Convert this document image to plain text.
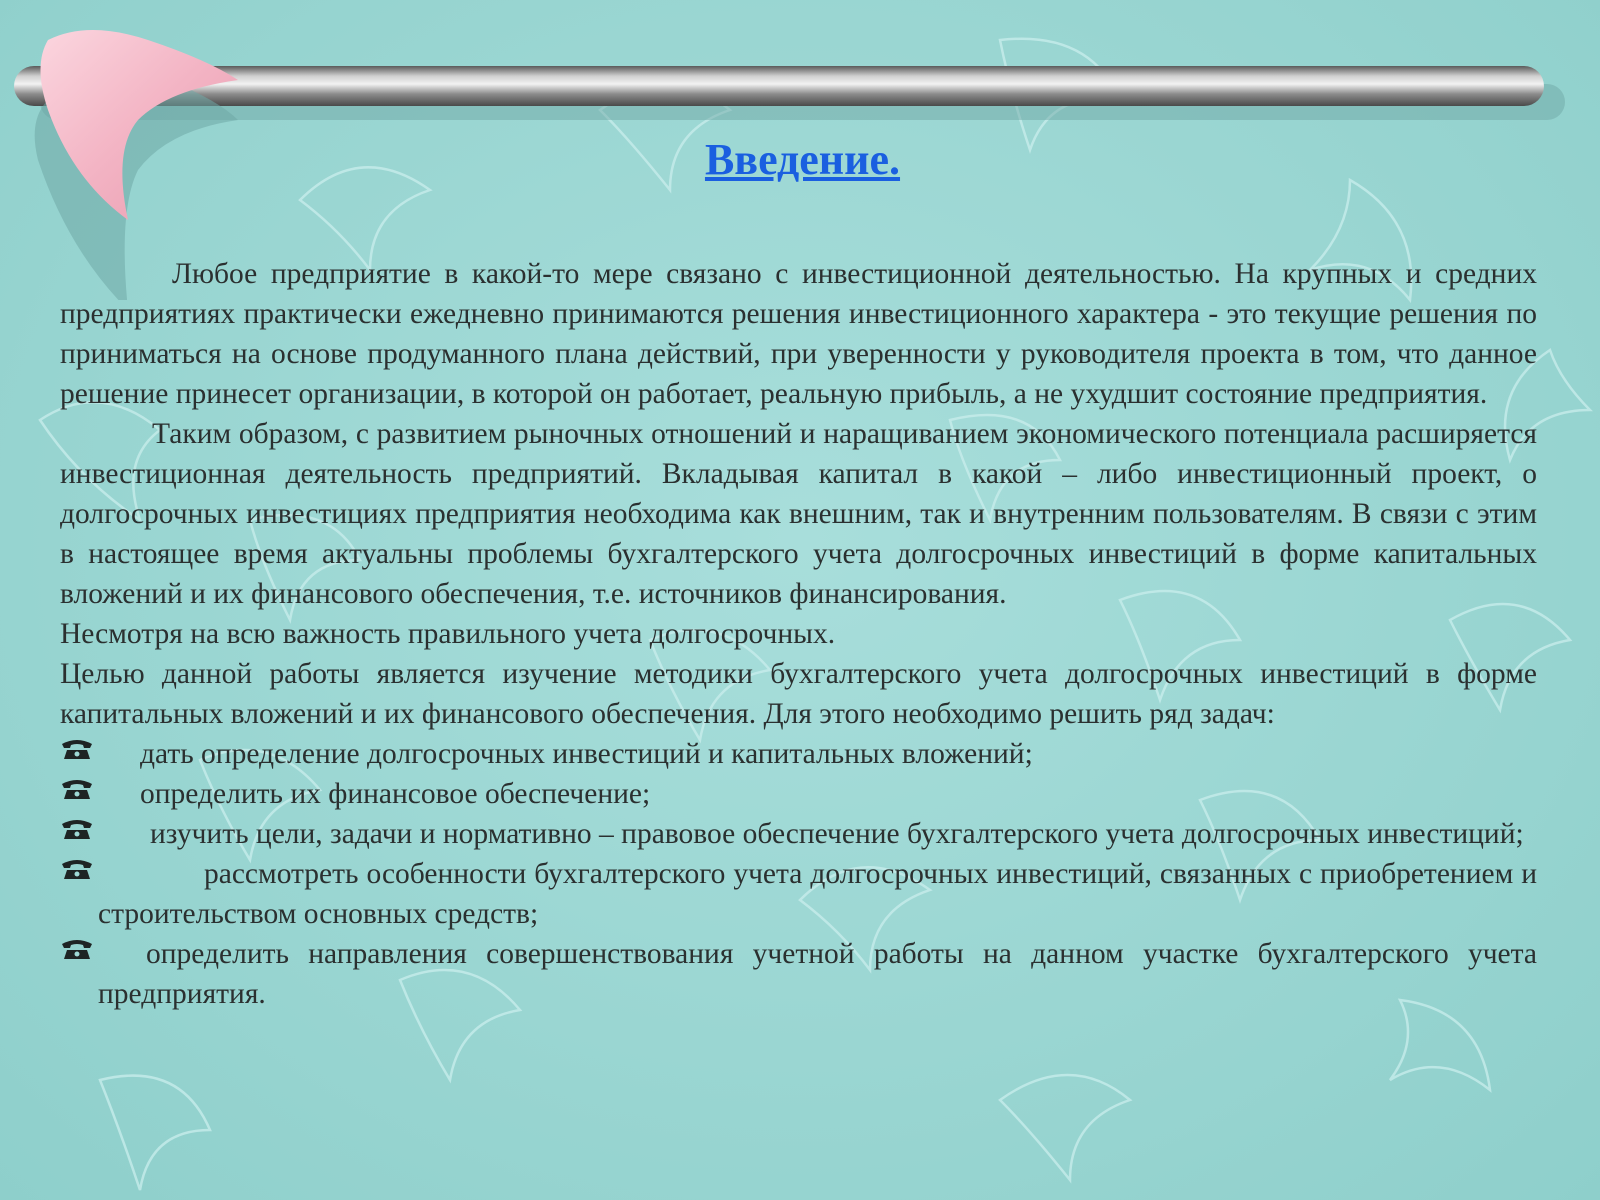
Введение.

Любое предприятие в какой-то мере связано с инвестиционной деятельностью. На крупных и средних предприятиях практически ежедневно принимаются решения инвестиционного характера - это текущие решения по приниматься на основе продуманного плана действий, при уверенности у руководителя проекта в том, что данное решение принесет организации, в которой он работает, реальную прибыль, а не ухудшит состояние предприятия.

Таким образом, с развитием рыночных отношений и наращиванием экономического потенциала расширяется инвестиционная деятельность предприятий. Вкладывая капитал в какой – либо инвестиционный проект, о долгосрочных инвестициях предприятия необходима как внешним, так и внутренним пользователям. В связи с этим в настоящее время актуальны проблемы бухгалтерского учета долгосрочных инвестиций в форме капитальных вложений и их финансового обеспечения, т.е. источников финансирования.

Несмотря на всю важность правильного учета долгосрочных.

Целью данной работы является изучение методики бухгалтерского учета долгосрочных инвестиций в форме капитальных вложений и их финансового обеспечения. Для этого необходимо решить ряд задач:

дать определение долгосрочных инвестиций и капитальных вложений;
определить их финансовое обеспечение;
изучить цели, задачи и нормативно – правовое обеспечение бухгалтерского учета долгосрочных инвестиций;
рассмотреть особенности бухгалтерского учета долгосрочных инвестиций, связанных с приобретением и строительством основных средств;
определить направления совершенствования учетной работы на данном участке бухгалтерского учета предприятия.
